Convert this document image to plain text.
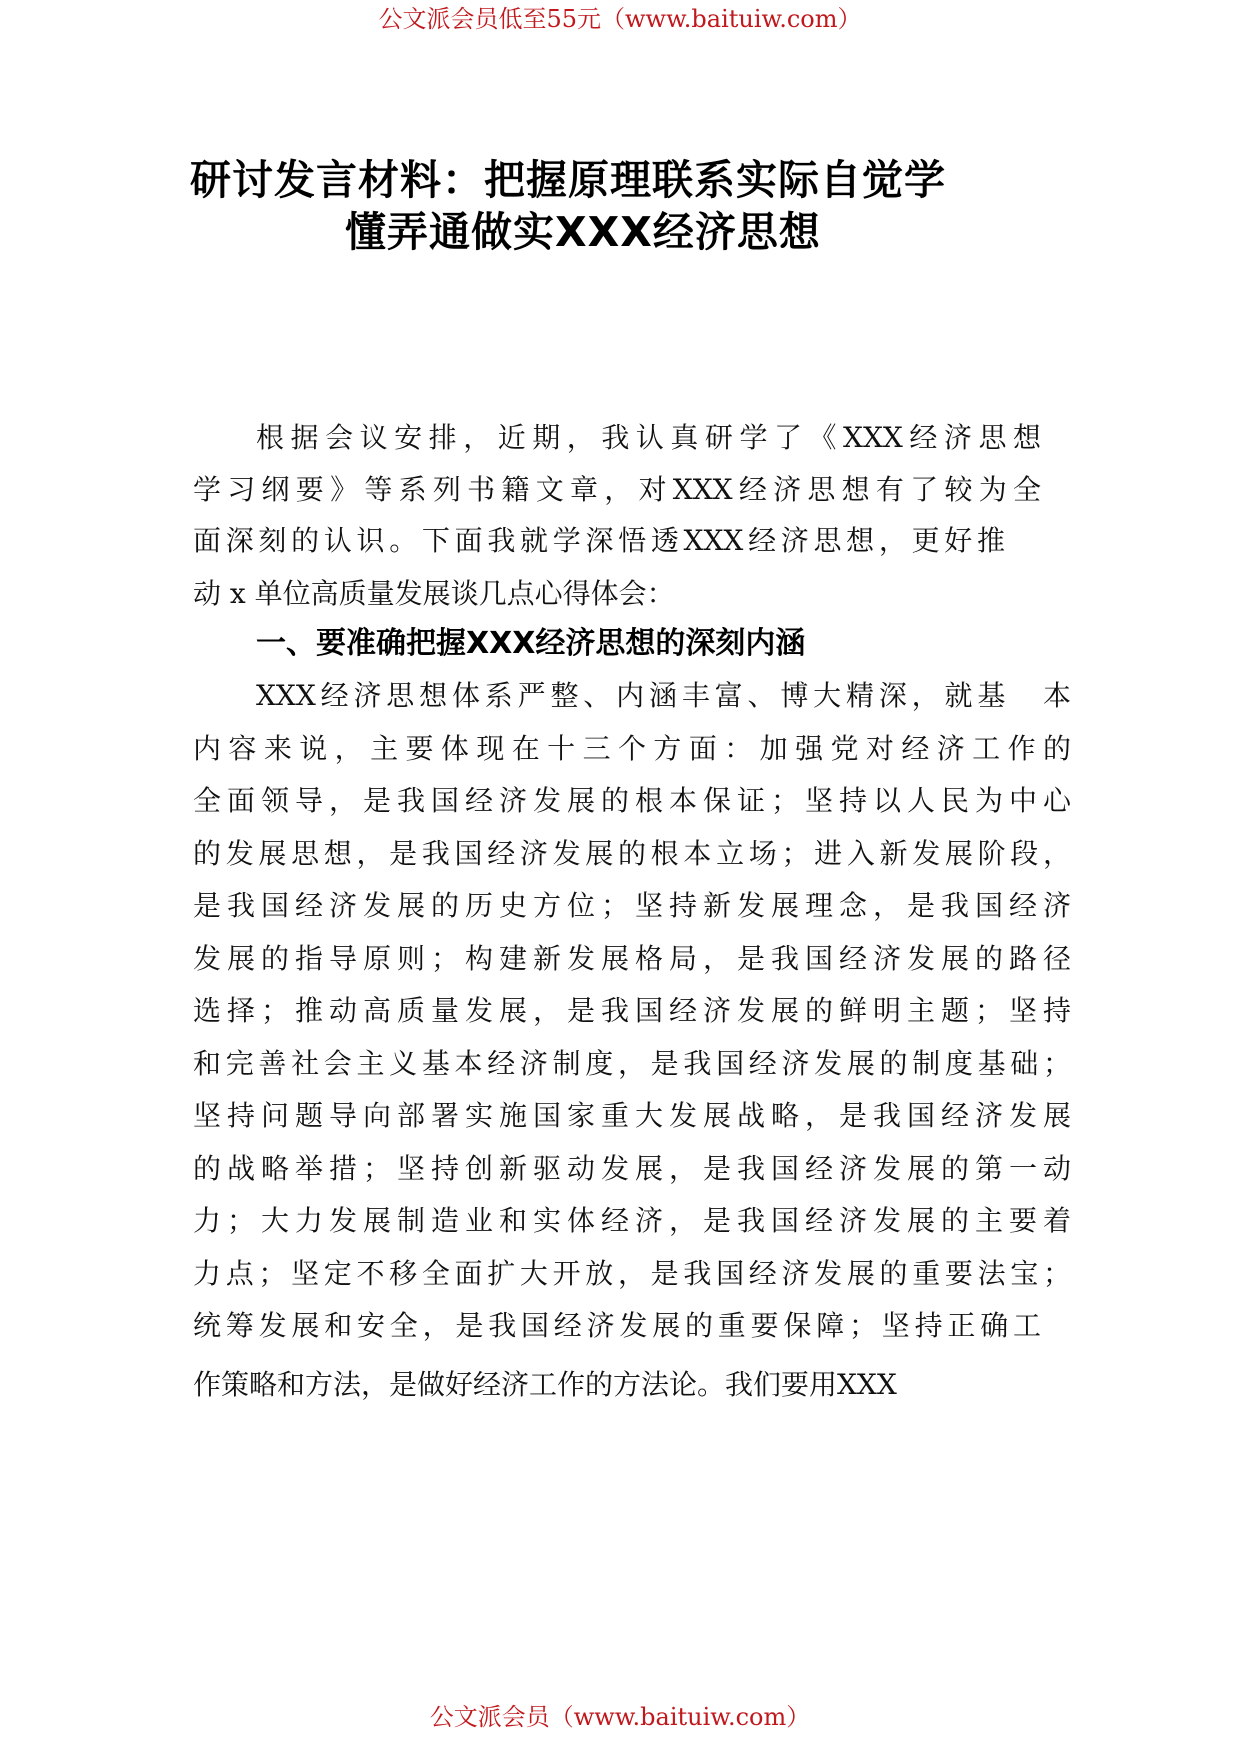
公文派会员低至55元（www.baituiw.com）
研讨发言材料：把握原理联系实际自觉学
懂弄通做实XXX经济思想
根据会议安排，近期，我认真研学了《XXX经济思想
学习纲要》等系列书籍文章，对XXX经济思想有了较为全
面深刻的认识。下面我就学深悟透XXX经济思想，更好推
动 x 单位高质量发展谈几点心得体会：
一、要准确把握XXX经济思想的深刻内涵
XXX经济思想体系严整、内涵丰富、博大精深，就基　本
内容来说，主要体现在十三个方面：加强党对经济工作的
全面领导，是我国经济发展的根本保证；坚持以人民为中心
的发展思想，是我国经济发展的根本立场；进入新发展阶段，
是我国经济发展的历史方位；坚持新发展理念，是我国经济
发展的指导原则；构建新发展格局，是我国经济发展的路径
选择；推动高质量发展，是我国经济发展的鲜明主题；坚持
和完善社会主义基本经济制度，是我国经济发展的制度基础；
坚持问题导向部署实施国家重大发展战略，是我国经济发展
的战略举措；坚持创新驱动发展，是我国经济发展的第一动
力；大力发展制造业和实体经济，是我国经济发展的主要着
力点；坚定不移全面扩大开放，是我国经济发展的重要法宝；
统筹发展和安全，是我国经济发展的重要保障；坚持正确工
作策略和方法，是做好经济工作的方法论。我们要用XXX
公文派会员（www.baituiw.com）
